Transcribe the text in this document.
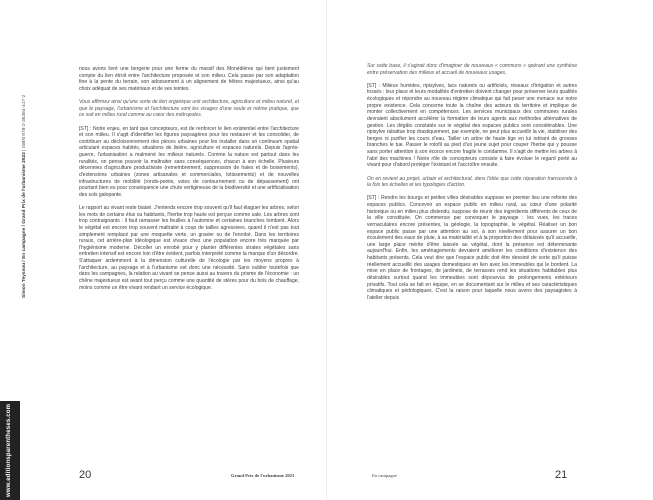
Simon Teyssou / En campagne / Grand Prix de l'urbanisme 2023 | ISBN 978-2-36384-417-2
www.editionsparentheses.com

nous avons livré une bergerie pour une ferme du massif des Monédières qui tient justement compte du lien étroit entre l'architecture proposée et son milieu. Cela passe par son adaptation fine à la pente du terrain, son adossement à un alignement de hêtres majestueux, ainsi qu'au choix adéquat de ses matériaux et de ses teintes.

Vous affirmez ainsi qu'une sorte de lien organique unit architecture, agriculture et milieu naturel, et que le paysage, l'urbanisme et l'architecture sont les visages d'une seule et même pratique, que ce soit en milieu rural comme au cœur des métropoles.

[ST] : Notre enjeu, en tant que concepteurs, est de renforcer le lien existentiel entre l'architecture et son milieu. Il s'agit d'identifier les figures paysagères pour les restaurer et les consolider, de contribuer au décloisonnement des pièces urbaines pour les installer dans un continuum spatial articulant espaces habités, situations de lisière, agriculture et espaces naturels. Depuis l'après-guerre, l'urbanisation a malmené les milieux naturels. Comme la nature est partout dans les ruralités, on pense pouvoir la maltraiter sans conséquences, chacun à son échelle. Plusieurs décennies d'agriculture productiviste (remembrement, suppression de haies et de boisements), d'extensions urbaines (zones artisanales et commerciales, lotissements) et de nouvelles infrastructures de mobilité (ronds-points, voies de contournement ou de dépassement) ont pourtant bien eu pour conséquence une chute vertigineuse de la biodiversité et une artificialisation des sols galopante.

Le rapport au vivant reste biaisé. J'entends encore trop souvent qu'il faut élaguer les arbres, selon les mots de certains élus ou habitants, l'herbe trop haute est perçue comme sale. Les arbres sont trop contraignants : il faut ramasser les feuilles à l'automne et certaines branches tombent. Alors le végétal est encore trop souvent maltraité à coup de tailles agressives, quand il n'est pas tout simplement remplacé par une moquette verte, un gravier ou de l'enrobé. Dans les territoires ruraux, cet arrière-plan idéologique est vivace chez une population encore très marquée par l'hygiénisme moderne. Décoller un enrobé pour y planter différentes strates végétales sans entretien intensif est encore loin d'être évident, parfois interprété comme la marque d'un désordre. S'attaquer ardemment à la dimension culturelle de l'écologie par les moyens propres à l'architecture, au paysage et à l'urbanisme est donc une nécessité. Sans oublier toutefois que dans les campagnes, la relation au vivant se pense aussi au travers du prisme de l'économie : un chêne majestueux est avant tout perçu comme une quantité de stères pour du bois de chauffage, moins comme un être vivant rendant un service écologique.

Sur cette base, il s'agirait donc d'imaginer de nouveaux « communs » opérant une synthèse entre préservation des milieux et accueil de nouveaux usages.

[ST] : Milieux humides, ripisylves, lacs naturels ou artificiels, réseaux d'irrigation et autres fossés : leur place et leurs modalités d'entretien doivent changer pour préserver leurs qualités écologiques et répondre au nouveau régime climatique qui fait peser une menace sur notre propre existence. Cela concerne toute la chaîne des acteurs du territoire et implique de monter collectivement en compétences. Les services municipaux des communes rurales devraient absolument accélérer la formation de leurs agents aux méthodes alternatives de gestion. Les dégâts constatés sur le végétal des espaces publics sont considérables. Une ripisylve rabattue trop drastiquement, par exemple, ne peut plus accueillir la vie, stabiliser des berges ni purifier les cours d'eau. Tailler un arbre de haute tige en lui retirant de grosses branches le tue. Passer le rotofil au pied d'un jeune sujet pour couper l'herbe qui y pousse sans porter attention à son écorce encore fragile le condamne. Il s'agit de mettre les arbres à l'abri des machines ! Notre rôle de concepteurs consiste à faire évoluer le regard porté au vivant pour d'abord protéger l'existant et l'accroître ensuite.

On en revient au projet, urbain et architectural, dans l'idée que cette réparation transcende à la fois les échelles et les typologies d'action.

[ST] : Rendre les bourgs et petites villes désirables suppose en premier lieu une refonte des espaces publics. Concevoir un espace public en milieu rural, au cœur d'une polarité historique ou en milieu plus distendu, suppose de réunir des ingrédients différents de ceux de la ville constituée. On commence par convoquer le paysage : les vues, les traces vernaculaires encore présentes, la géologie, la topographie, le végétal. Réaliser un bon espace public passe par une attention au sol, à son nivellement pour assurer un bon écoulement des eaux de pluie, à sa matérialité et à la proportion des délaissés qu'il accueille, une large place mérite d'être laissée au végétal, dont la présence est déterminante aujourd'hui. Enfin, les aménagements devraient améliorer les conditions d'existence des habitants présents. Cela veut dire que l'espace public doit être dessiné de sorte qu'il puisse réellement accueillir des usages domestiques en lien avec les immeubles qui le bordent. La mise en place de frontages, de jardinets, de terrasses rend les situations habitables plus désirables surtout quand les immeubles sont dépourvus de prolongements extérieurs privatifs. Tout cela se fait en équipe, en se documentant sur le milieu et ses caractéristiques climatiques et pédologiques. C'est la raison pour laquelle nous avons des paysagistes à l'atelier depuis

20	Grand Prix de l'urbanisme 2023	En campagne	21
